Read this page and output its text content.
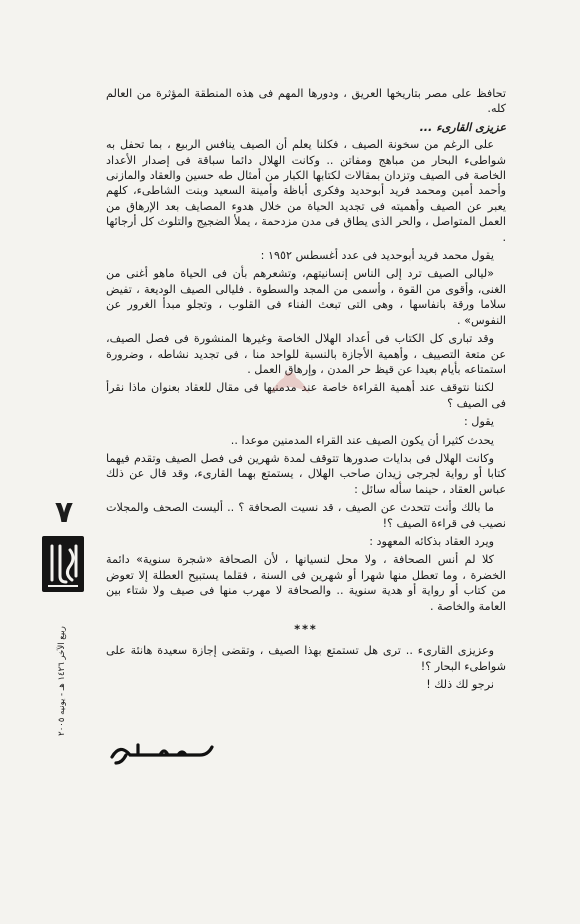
تحافظ على مصر بتاريخها العريق ، ودورها المهم فى هذه المنطقة المؤثرة من العالم كله.

عزيزى القارىء ...

على الرغم من سخونة الصيف ، فكلنا يعلم أن الصيف ينافس الربيع ، بما تحفل به شواطىء البحار من مباهج ومفاتن .. وكانت الهلال دائما سباقة فى إصدار الأعداد الخاصة فى الصيف وتزدان بمقالات لكتابها الكبار من أمثال طه حسين والعقاد والمازنى وأحمد أمين ومحمد فريد أبوحديد وفكرى أباظة وأمينة السعيد وبنت الشاطىء، كلهم يعبر عن الصيف وأهميته فى تجديد الحياة من خلال هدوء المصايف بعد الإرهاق من العمل المتواصل ، والحر الذى يطاق فى مدن مزدحمة ، يملأ الضجيج والتلوث كل أرجائها .

يقول محمد فريد أبوحديد فى عدد أغسطس ١٩٥٢ :

«ليالى الصيف ترد إلى الناس إنسانيتهم، وتشعرهم بأن فى الحياة ماهو أغنى من الغنى، وأقوى من القوة ، وأسمى من المجد والسطوة . فليالى الصيف الوديعة ، تفيض سلاما ورقة بانفاسها ، وهى التى تبعث الفناء فى القلوب ، وتجلو مبدأ الغرور عن النفوس» .

وقد تبارى كل الكتاب فى أعداد الهلال الخاصة وغيرها المنشورة فى فصل الصيف، عن متعة التصييف ، وأهمية الأجازة بالنسبة للواحد منا ، فى تجديد نشاطه ، وضرورة استمتاعه بأيام بعيدا عن قيظ حر المدن ، وإرهاق العمل .

لكننا نتوقف عند أهمية القراءة خاصة عند مدمنيها فى مقال للعقاد بعنوان ماذا نقرأ فى الصيف ؟

يقول :

يحدث كثيرا أن يكون الصيف عند القراء المدمنين موعدا ..

وكانت الهلال فى بدايات صدورها تتوقف لمدة شهرين فى فصل الصيف وتقدم فيهما كتابا أو رواية لجرجى زيدان صاحب الهلال ، يستمتع بهما القارىء، وقد قال عن ذلك عباس العقاد ، حينما سأله سائل :

ما بالك وأنت تتحدث عن الصيف ، قد نسيت الصحافة ؟ .. أليست الصحف والمجلات نصيب فى قراءة الصيف ؟!

ويرد العقاد بذكائه المعهود :

كلا لم أنس الصحافة ، ولا محل لنسيانها ، لأن الصحافة «شجرة سنوية» دائمة الخضرة ، وما تعطل منها شهرا أو شهرين فى السنة ، فقلما يستبيح العطلة إلا تعوض من كتاب أو رواية أو هدية سنوية .. والصحافة لا مهرب منها فى صيف ولا شتاء بين العامة والخاصة .

***

وعزيزى القارىء .. ترى هل تستمتع بهذا الصيف ، وتقضى إجازة سعيدة هانئة على شواطىء البحار ؟!

نرجو لك ذلك !

٧
ربيع الآخر ١٤٢٦ هـ - يونيه ٢٠٠٥
